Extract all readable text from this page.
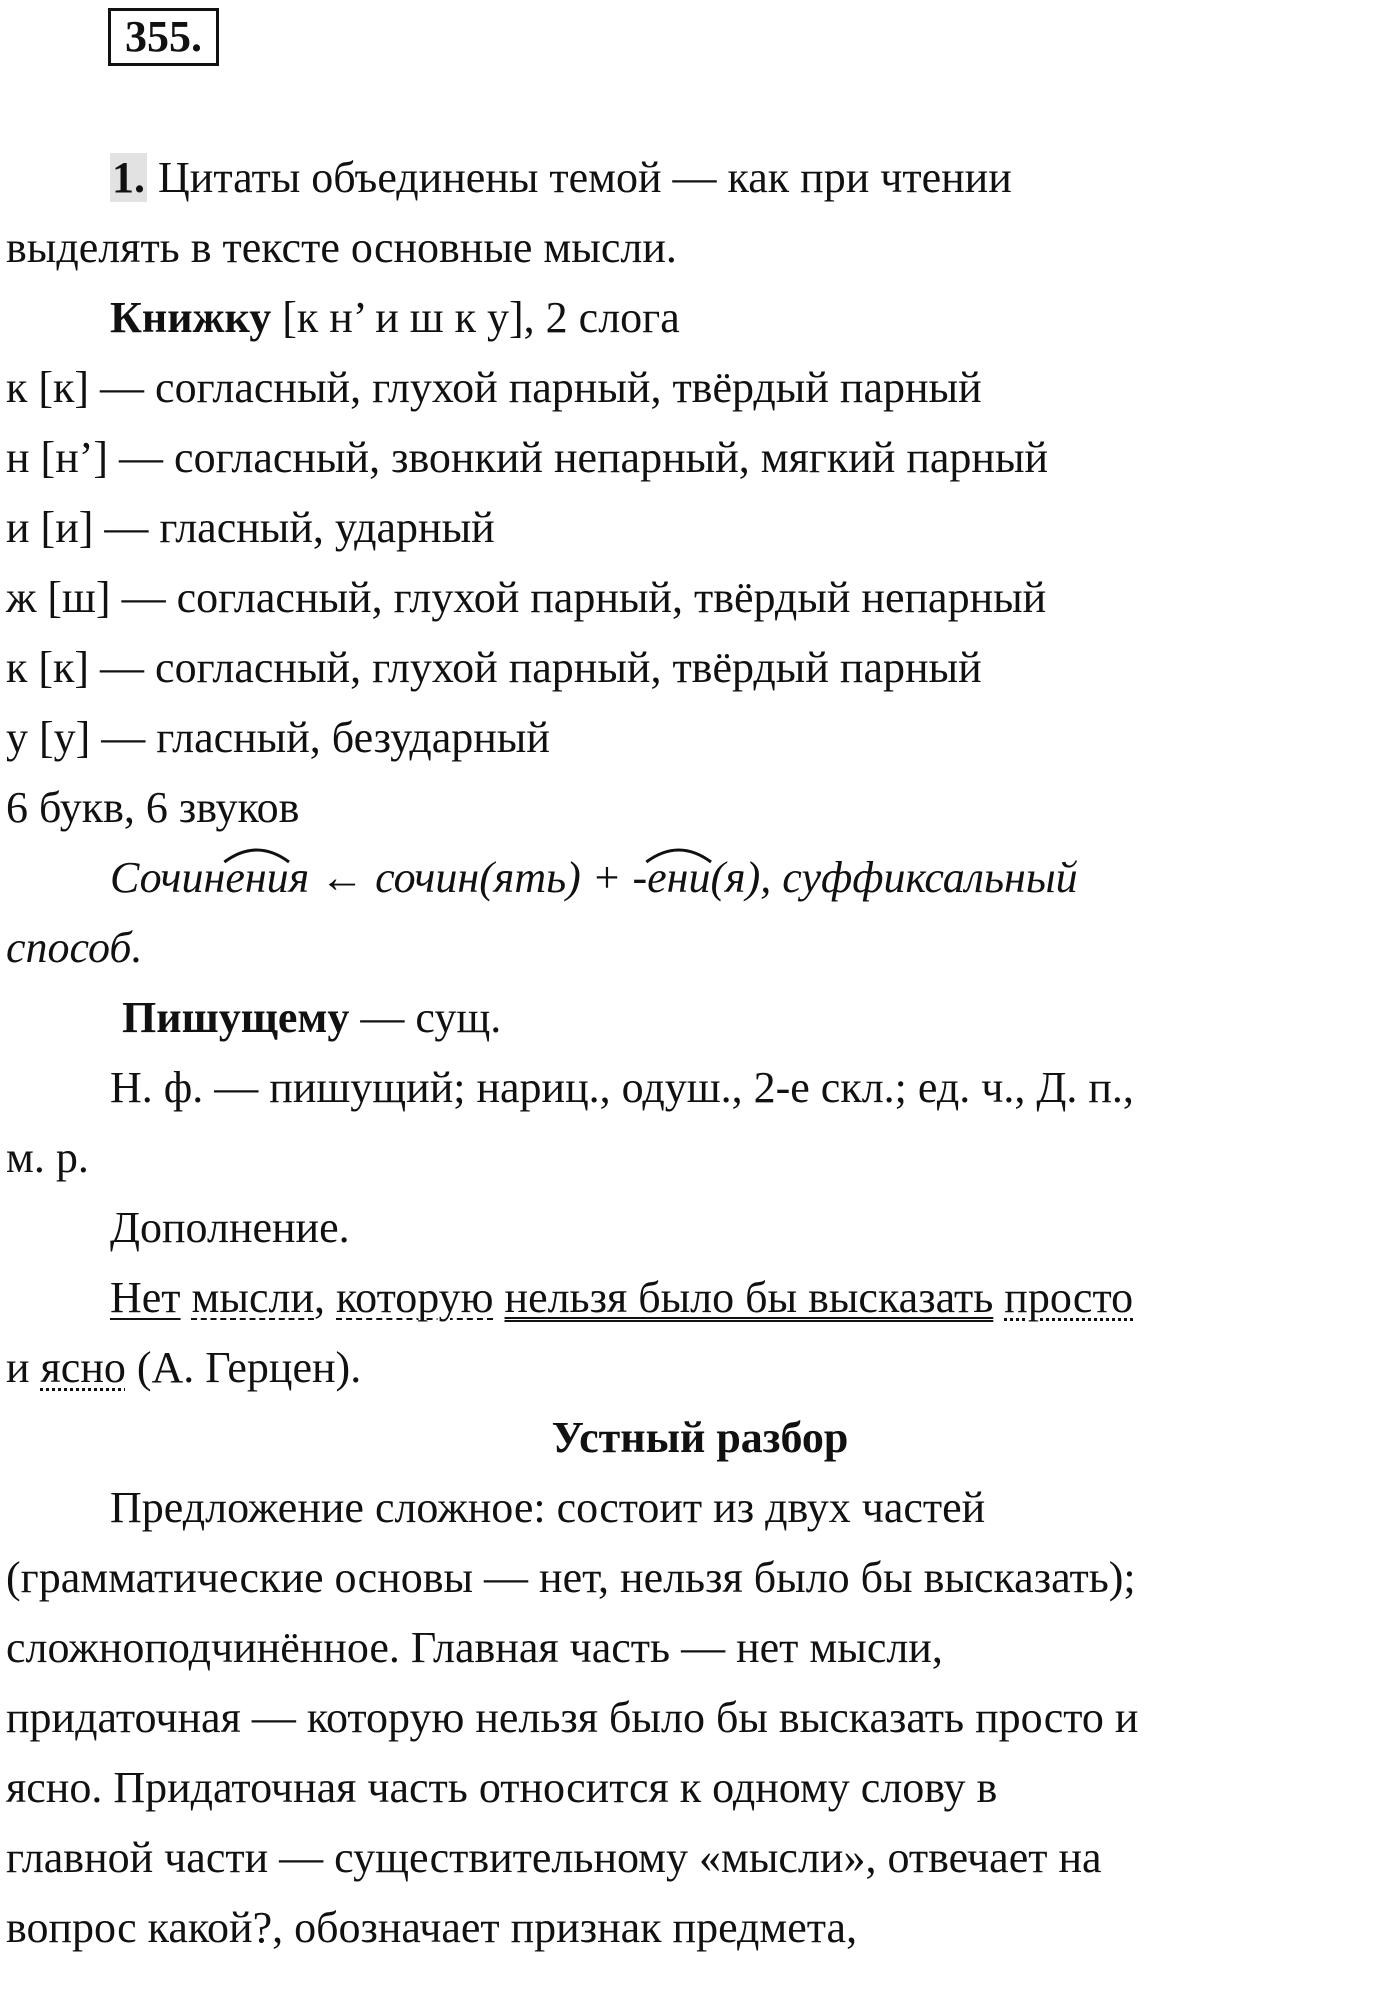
355.
1. Цитаты объединены темой — как при чтении
выделять в тексте основные мысли.
Книжку [к н’ и ш к у], 2 слога
к [к] — согласный, глухой парный, твёрдый парный
н [н’] — согласный, звонкий непарный, мягкий парный
и [и] — гласный, ударный
ж [ш] — согласный, глухой парный, твёрдый непарный
к [к] — согласный, глухой парный, твёрдый парный
у [у] — гласный, безударный
6 букв, 6 звуков
Сочин
ения ← сочин(ять) + -
ени(я), суффиксальный
способ.
Пишущему — сущ.
Н. ф. — пишущий; нариц., одуш., 2-е скл.; ед. ч., Д. п.,
м. р.
Дополнение.
Нет мысли, которую нельзя было бы высказать просто
и ясно (А. Герцен).
Устный разбор
Предложение сложное: состоит из двух частей
(грамматические основы — нет, нельзя было бы высказать);
сложноподчинённое. Главная часть — нет мысли,
придаточная — которую нельзя было бы высказать просто и
ясно. Придаточная часть относится к одному слову в
главной части — существительному «мысли», отвечает на
вопрос какой?, обозначает признак предмета,
